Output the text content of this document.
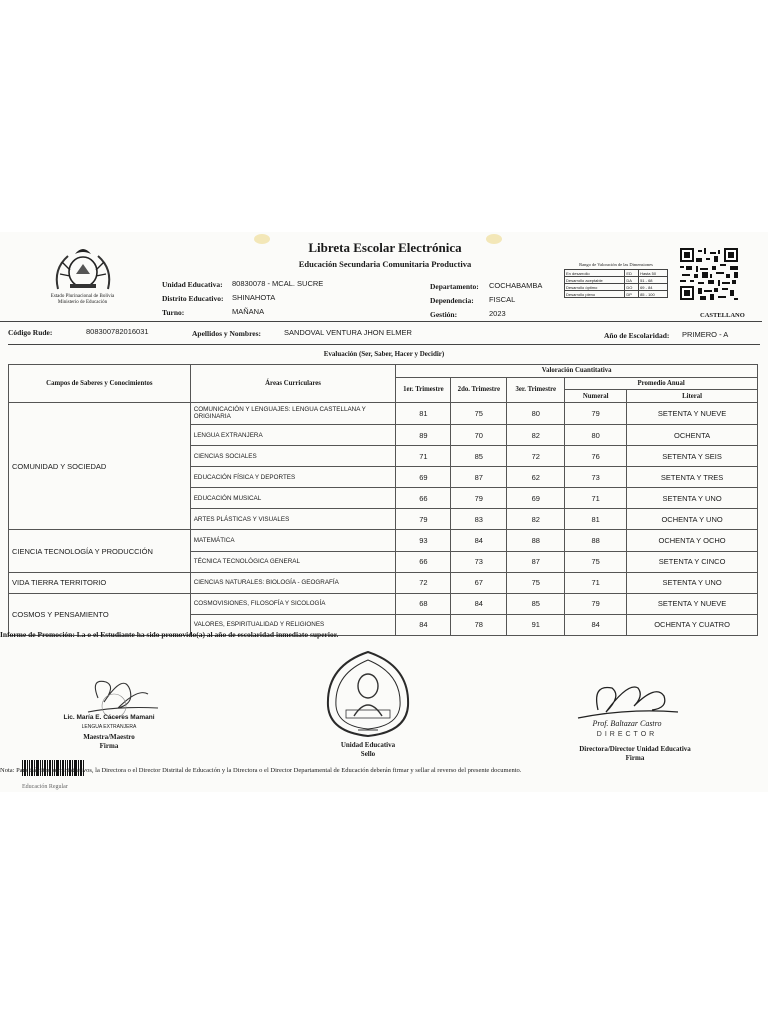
Estado Plurinacional de Bolivia
Ministerio de Educación
Libreta Escolar Electrónica
Educación Secundaria Comunitaria Productiva
Unidad Educativa: 80830078 - MCAL. SUCRE
Distrito Educativo: SHINAHOTA
Turno:	MAÑANA
Departamento: COCHABAMBA
Dependencia: FISCAL
Gestión:	2023
Rango de Valoración de las Dimensiones
En desarrollo	ED	Hasta 50
Desarrollo aceptable	DA	51 - 68
Desarrollo óptimo	DO	69 - 84
Desarrollo pleno	DP	85 - 100
CASTELLANO
Código Rude:	808300782016031	Apellidos y Nombres:	SANDOVAL VENTURA JHON ELMER	Año de Escolaridad: PRIMERO - A
Evaluación (Ser, Saber, Hacer y Decidir)
Campos de Saberes y Conocimientos	Áreas Curriculares	Valoración Cuantitativa				
		1er. Trimestre	2do. Trimestre	3er. Trimestre	Promedio Anual	
					Numeral	Literal
COMUNIDAD Y SOCIEDAD	COMUNICACIÓN Y LENGUAJES: LENGUA CASTELLANA Y ORIGINARIA	81	75	80	79	SETENTA Y NUEVE
	LENGUA EXTRANJERA	89	70	82	80	OCHENTA
	CIENCIAS SOCIALES	71	85	72	76	SETENTA Y SEIS
	EDUCACIÓN FÍSICA Y DEPORTES	69	87	62	73	SETENTA Y TRES
	EDUCACIÓN MUSICAL	66	79	69	71	SETENTA Y UNO
	ARTES PLÁSTICAS Y VISUALES	79	83	82	81	OCHENTA Y UNO
CIENCIA TECNOLOGÍA Y PRODUCCIÓN	MATEMÁTICA	93	84	88	88	OCHENTA Y OCHO
	TÉCNICA TECNOLÓGICA GENERAL	66	73	87	75	SETENTA Y CINCO
VIDA TIERRA TERRITORIO	CIENCIAS NATURALES: BIOLOGÍA - GEOGRAFÍA	72	67	75	71	SETENTA Y UNO
COSMOS Y PENSAMIENTO	COSMOVISIONES, FILOSOFÍA Y SICOLOGÍA	68	84	85	79	SETENTA Y NUEVE
	VALORES, ESPIRITUALIDAD Y RELIGIONES	84	78	91	84	OCHENTA Y CUATRO
Informe de Promoción: La o el Estudiante ha sido promovido(a) al año de escolaridad inmediato superior.
Lic. María E. Cáceres Mamani
LENGUA EXTRANJERA
Maestra/Maestro
Firma	Unidad Educativa
Sello
Prof. Baltazar Castro
DIRECTOR
Directora/Director Unidad Educativa
Firma
Nota: Para trámites administrativos, la Directora o el Director Distrital de Educación y la Directora o el Director Departamental de Educación deberán firmar y sellar al reverso del presente documento.
Educación Regular
